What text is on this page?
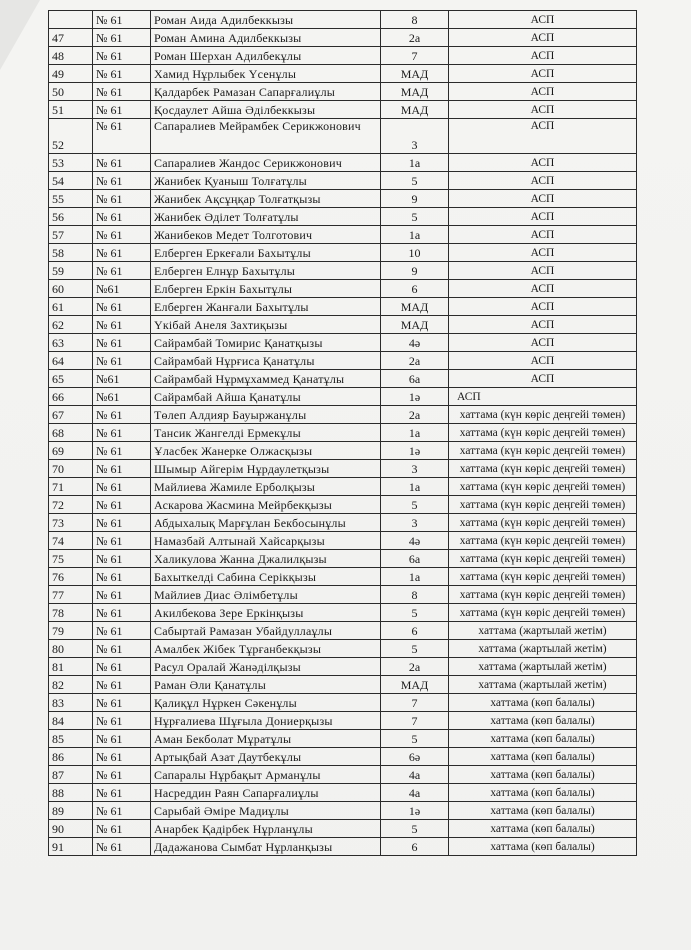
	№ 61	Роман Аида Адилбеккызы	8	АСП
47	№ 61	Роман Амина Адилбеккызы	2а	АСП
48	№ 61	Роман Шерхан Адилбекұлы	7	АСП
49	№ 61	Хамид Нұрлыбек Үсенұлы	МАД	АСП
50	№ 61	Қалдарбек Рамазан Сапарғалиұлы	МАД	АСП
51	№ 61	Қосдаулет Айша Әділбеккызы	МАД	АСП
52	№ 61	Сапаралиев Мейрамбек Серикжонович	3	АСП
53	№ 61	Сапаралиев Жандос Серикжонович	1а	АСП
54	№ 61	Жанибек Қуаныш Толғатұлы	5	АСП
55	№ 61	Жанибек Ақсұңқар Толғатқызы	9	АСП
56	№ 61	Жанибек Әділет Толғатұлы	5	АСП
57	№ 61	Жанибеков Медет Толготович	1а	АСП
58	№ 61	Елберген Еркеғали Бахытұлы	10	АСП
59	№ 61	Елберген Елнұр Бахытұлы	9	АСП
60	№61	Елберген Еркін Бахытұлы	6	АСП
61	№ 61	Елберген Жанғали Бахытұлы	МАД	АСП
62	№ 61	Үкібай Анеля Захтиқызы	МАД	АСП
63	№ 61	Сайрамбай Томирис Қанатқызы	4ә	АСП
64	№ 61	Сайрамбай Нұрғиса Қанатұлы	2а	АСП
65	№61	Сайрамбай Нұрмұхаммед Қанатұлы	6а	АСП
66	№61	Сайрамбай Айша Қанатұлы	1ә	АСП
67	№ 61	Төлеп Алдияр Бауыржанұлы	2а	хаттама (күн көріс деңгейі төмен)
68	№ 61	Тансик Жангелді Ермекұлы	1а	хаттама (күн көріс деңгейі төмен)
69	№ 61	Ұласбек Жанерке Олжасқызы	1ә	хаттама (күн көріс деңгейі төмен)
70	№ 61	Шымыр Айгерім Нұрдаулетқызы	3	хаттама (күн көріс деңгейі төмен)
71	№ 61	Майлиева Жамиле Ерболқызы	1а	хаттама (күн көріс деңгейі төмен)
72	№ 61	Аскарова Жасмина Мейрбекқызы	5	хаттама (күн көріс деңгейі төмен)
73	№ 61	Абдыхалық Марғұлан Бекбосынұлы	3	хаттама (күн көріс деңгейі төмен)
74	№ 61	Намазбай Алтынай Хайсарқызы	4ә	хаттама (күн көріс деңгейі төмен)
75	№ 61	Халикулова Жанна Джалилқызы	6а	хаттама (күн көріс деңгейі төмен)
76	№ 61	Бахыткелді Сабина Серікқызы	1а	хаттама (күн көріс деңгейі төмен)
77	№ 61	Майлиев Диас Әлімбетұлы	8	хаттама (күн көріс деңгейі төмен)
78	№ 61	Акилбекова Зере Еркінқызы	5	хаттама (күн көріс деңгейі төмен)
79	№ 61	Сабыртай Рамазан Убайдуллаұлы	6	хаттама (жартылай жетім)
80	№ 61	Амалбек Жібек Тұрғанбекқызы	5	хаттама (жартылай жетім)
81	№ 61	Расул Оралай Жанәділқызы	2а	хаттама (жартылай жетім)
82	№ 61	Раман Әли Қанатұлы	МАД	хаттама (жартылай жетім)
83	№ 61	Қалиқұл Нұркен Сәкенұлы	7	хаттама (көп балалы)
84	№ 61	Нұрғалиева Шұғыла Дониерқызы	7	хаттама (көп балалы)
85	№ 61	Аман Бекболат Мұратұлы	5	хаттама (көп балалы)
86	№ 61	Артықбай Азат Даутбекұлы	6ә	хаттама (көп балалы)
87	№ 61	Сапаралы Нұрбақыт Арманұлы	4а	хаттама (көп балалы)
88	№ 61	Насреддин Раян Сапарғалиұлы	4а	хаттама (көп балалы)
89	№ 61	Сарыбай Әміре Мадиұлы	1ә	хаттама (көп балалы)
90	№ 61	Анарбек Қадірбек Нұрланұлы	5	хаттама (көп балалы)
91	№ 61	Дадажанова Сымбат Нұрланқызы	6	хаттама (көп балалы)
